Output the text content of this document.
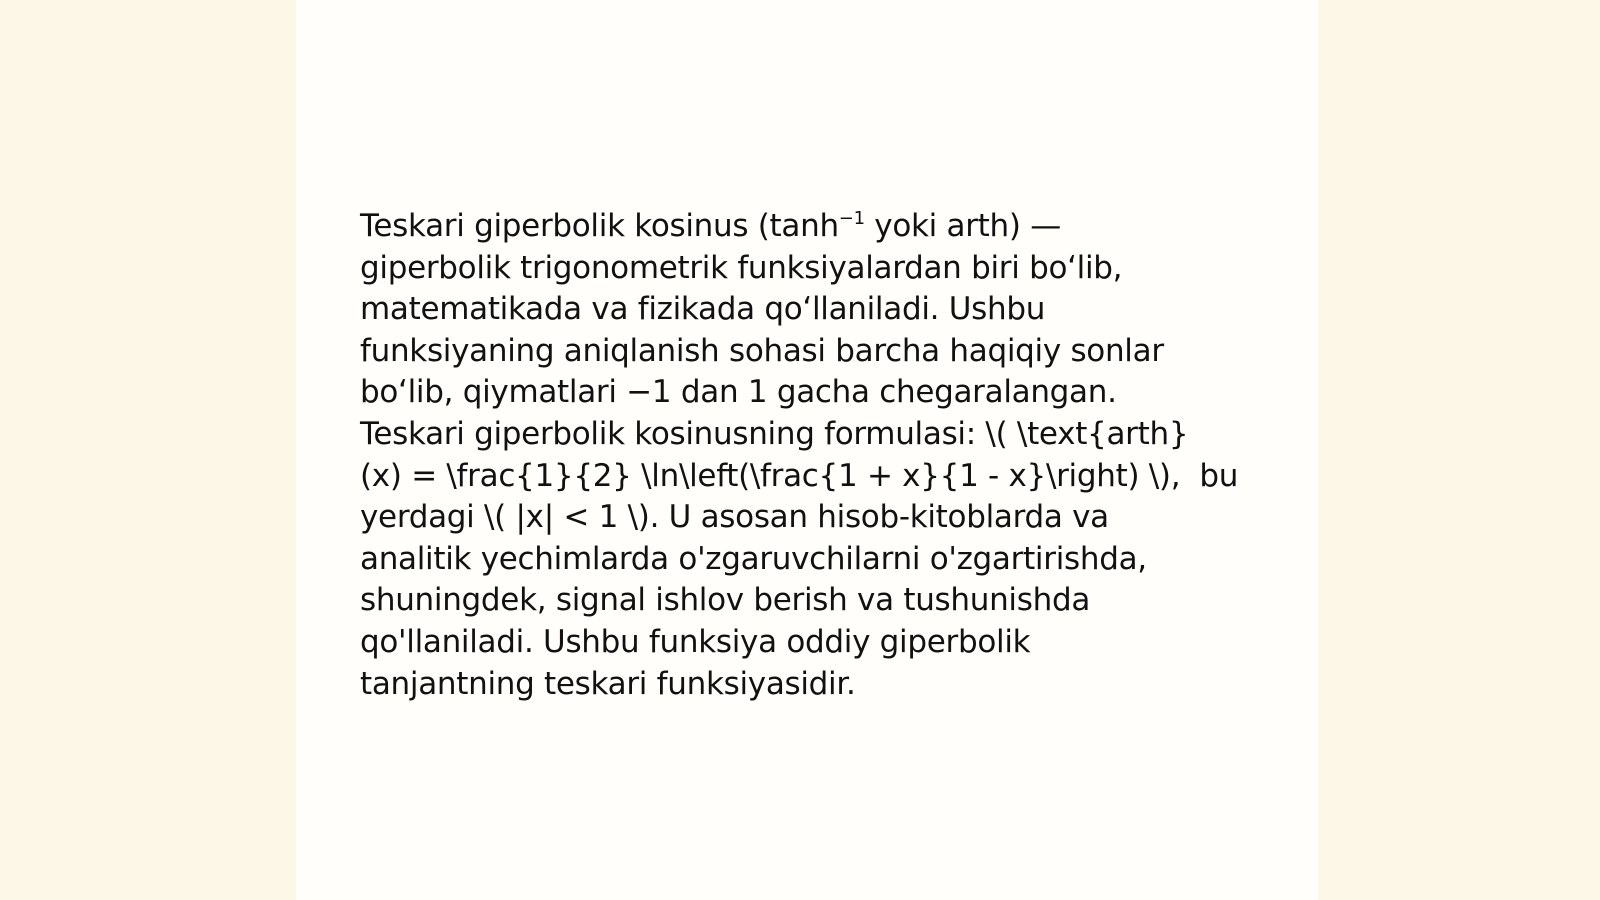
Teskari giperbolik kosinus ($\tanh^{-1}$ yoki arth) —
giperbolik trigonometrik funksiyalardan biri bo‘lib,
matematikada va fizikada qo‘llaniladi. Ushbu
funksiyaning aniqlanish sohasi barcha haqiqiy sonlar
bo‘lib, qiymatlari −1 dan 1 gacha chegaralangan.
Teskari giperbolik kosinusning formulasi: \( \text{arth}
(x) = \frac{1}{2} \ln\left(\frac{1 + x}{1 - x}\right) \),  bu
yerdagi \( |x| < 1 \). U asosan hisob-kitoblarda va
analitik yechimlarda o'zgaruvchilarni o'zgartirishda,
shuningdek, signal ishlov berish va tushunishda
qo'llaniladi. Ushbu funksiya oddiy giperbolik
tanjantning teskari funksiyasidir.
